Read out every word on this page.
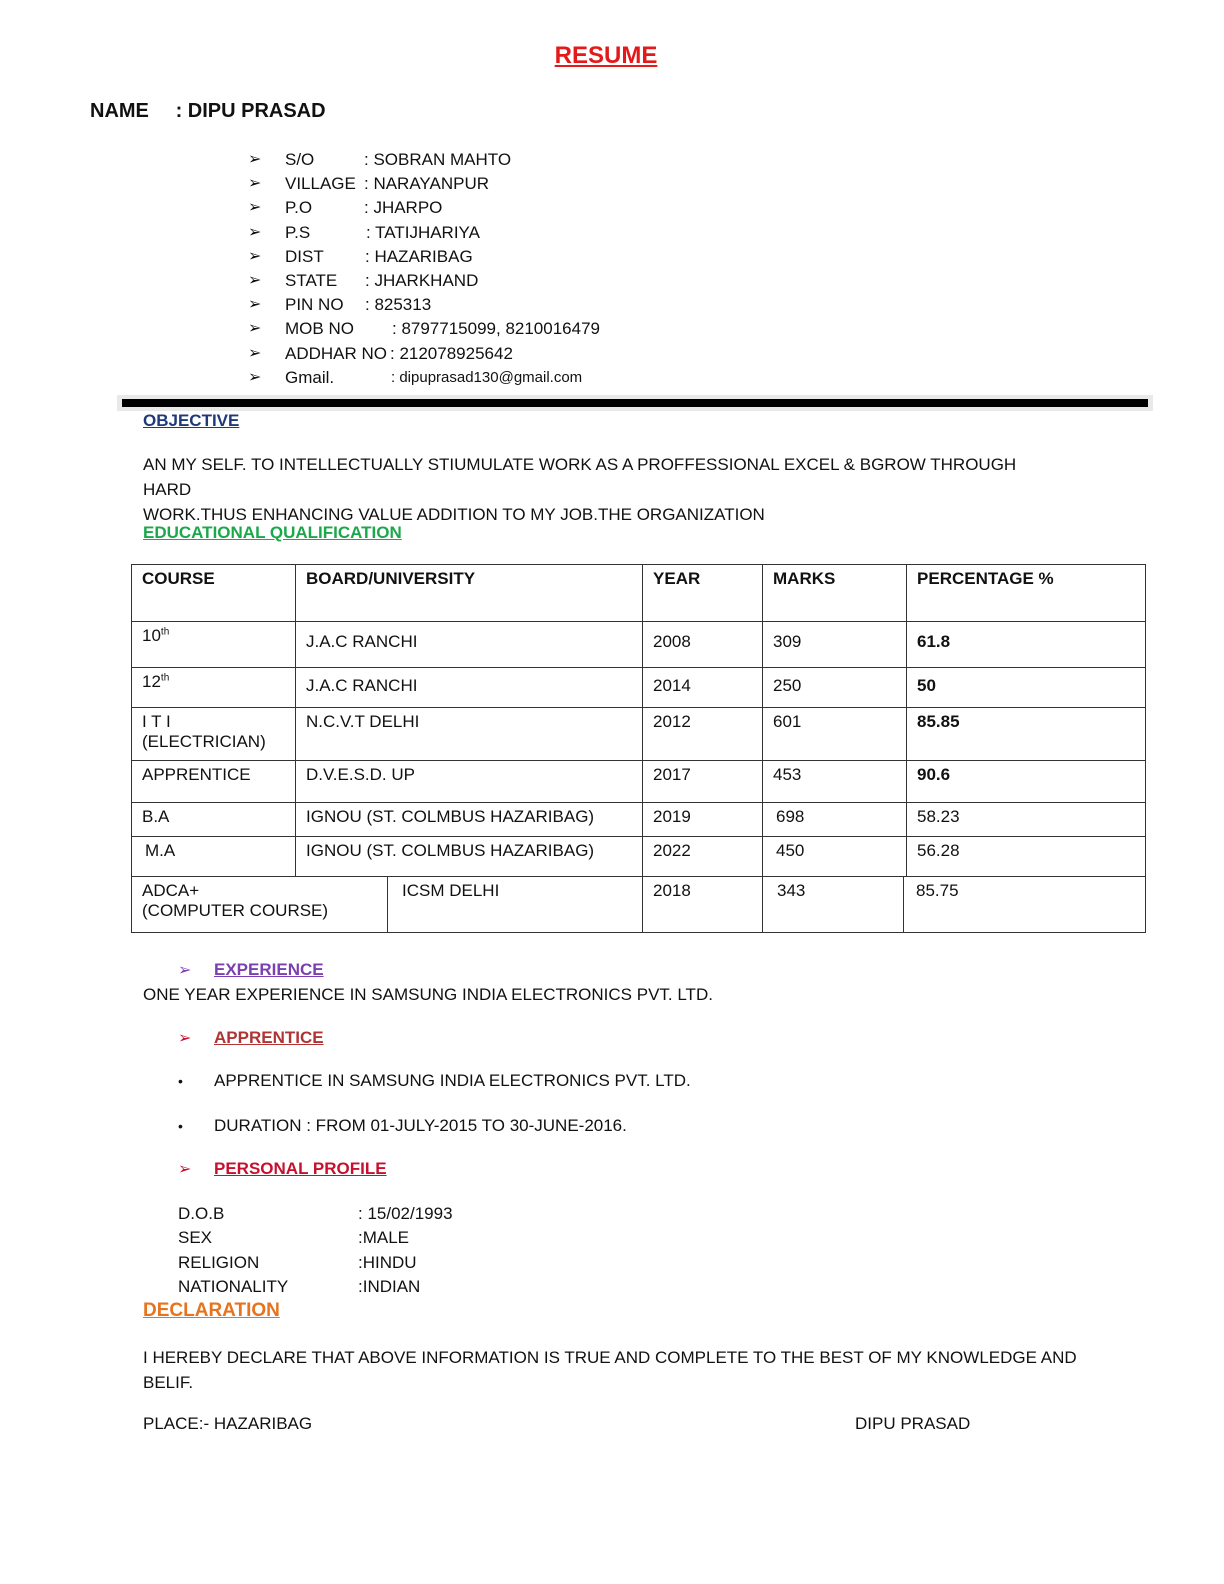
RESUME
NAME : DIPU PRASAD
➢ S/O	: SOBRAN MAHTO
➢ VILLAGE : NARAYANPUR
➢ P.O	: JHARPO
➢ P.S	: TATIJHARIYA
➢ DIST : HAZARIBAG
➢ STATE : JHARKHAND
➢ PIN NO : 825313
➢ MOB NO : 8797715099, 8210016479
➢ ADDHAR NO : 212078925642
➢ Gmail.	: dipuprasad130@gmail.com
OBJECTIVE
AN MY SELF. TO INTELLECTUALLY STIUMULATE WORK AS A PROFFESSIONAL EXCEL & BGROW THROUGH HARD
WORK.THUS ENHANCING VALUE ADDITION TO MY JOB.THE ORGANIZATION
EDUCATIONAL QUALIFICATION
COURSE	BOARD/UNIVERSITY		YEAR	MARKS		PERCENTAGE %
10th	J.A.C RANCHI		2008	309		61.8
12th	J.A.C RANCHI		2014	250		50

I T I
(ELECTRICIAN)	N.C.V.T DELHI		2012	601		85.85
APPRENTICE	D.V.E.S.D. UP		2017	453		90.6
B.A	IGNOU (ST. COLMBUS HAZARIBAG)		2019	698		58.23
M.A	IGNOU (ST. COLMBUS HAZARIBAG)		2022	450		56.28

ADCA+
(COMPUTER COURSE)		ICSM DELHI	2018	343	85.75	
➢ EXPERIENCE
ONE YEAR EXPERIENCE IN SAMSUNG INDIA ELECTRONICS PVT. LTD.
➢ APPRENTICE
• APPRENTICE IN SAMSUNG INDIA ELECTRONICS PVT. LTD.
• DURATION : FROM 01-JULY-2015 TO 30-JUNE-2016.
➢ PERSONAL PROFILE
D.O.B	: 15/02/1993
SEX	:MALE
RELIGION	:HINDU
NATIONALITY	:INDIAN
DECLARATION
I HEREBY DECLARE THAT ABOVE INFORMATION IS TRUE AND COMPLETE TO THE BEST OF MY KNOWLEDGE AND
BELIF.
PLACE:- HAZARIBAG	DIPU PRASAD
